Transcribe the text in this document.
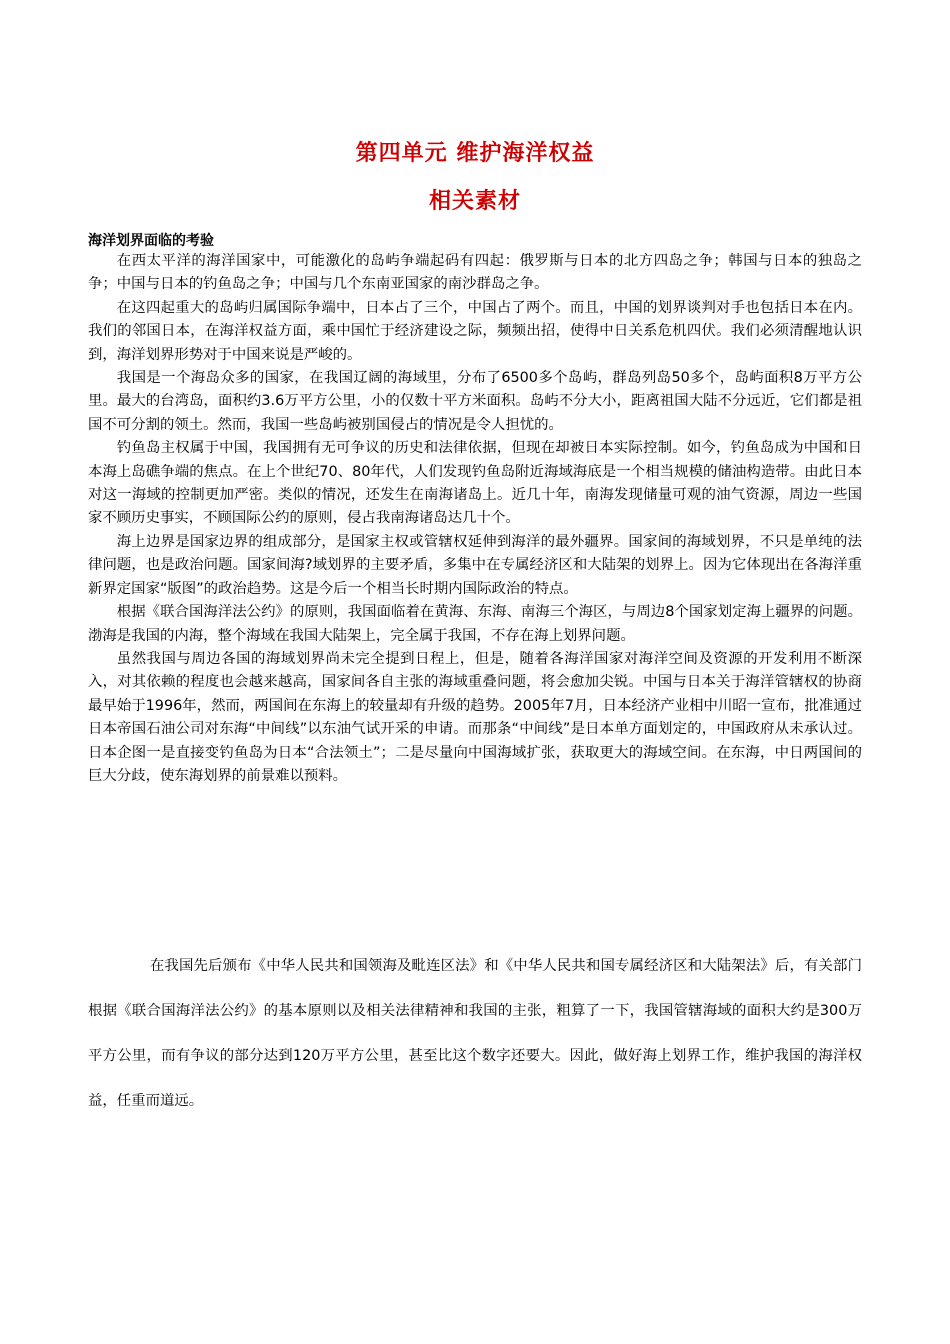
第四单元 维护海洋权益
相关素材
海洋划界面临的考验

在西太平洋的海洋国家中，可能激化的岛屿争端起码有四起：俄罗斯与日本的北方四岛之争；韩国与日本的独岛之争；中国与日本的钓鱼岛之争；中国与几个东南亚国家的南沙群岛之争。

在这四起重大的岛屿归属国际争端中，日本占了三个，中国占了两个。而且，中国的划界谈判对手也包括日本在内。我们的邻国日本，在海洋权益方面，乘中国忙于经济建设之际，频频出招，使得中日关系危机四伏。我们必须清醒地认识到，海洋划界形势对于中国来说是严峻的。

我国是一个海岛众多的国家，在我国辽阔的海域里，分布了6500多个岛屿，群岛列岛50多个，岛屿面积8万平方公里。最大的台湾岛，面积约3.6万平方公里，小的仅数十平方米面积。岛屿不分大小，距离祖国大陆不分远近，它们都是祖国不可分割的领土。然而，我国一些岛屿被别国侵占的情况是令人担忧的。

钓鱼岛主权属于中国，我国拥有无可争议的历史和法律依据，但现在却被日本实际控制。如今，钓鱼岛成为中国和日本海上岛礁争端的焦点。在上个世纪70、80年代，人们发现钓鱼岛附近海域海底是一个相当规模的储油构造带。由此日本对这一海域的控制更加严密。类似的情况，还发生在南海诸岛上。近几十年，南海发现储量可观的油气资源，周边一些国家不顾历史事实，不顾国际公约的原则，侵占我南海诸岛达几十个。

海上边界是国家边界的组成部分，是国家主权或管辖权延伸到海洋的最外疆界。国家间的海域划界，不只是单纯的法律问题，也是政治问题。国家间海?域划界的主要矛盾，多集中在专属经济区和大陆架的划界上。因为它体现出在各海洋重新界定国家“版图”的政治趋势。这是今后一个相当长时期内国际政治的特点。

根据《联合国海洋法公约》的原则，我国面临着在黄海、东海、南海三个海区，与周边8个国家划定海上疆界的问题。渤海是我国的内海，整个海域在我国大陆架上，完全属于我国，不存在海上划界问题。

虽然我国与周边各国的海域划界尚未完全提到日程上，但是，随着各海洋国家对海洋空间及资源的开发利用不断深入，对其依赖的程度也会越来越高，国家间各自主张的海域重叠问题，将会愈加尖锐。中国与日本关于海洋管辖权的协商最早始于1996年，然而，两国间在东海上的较量却有升级的趋势。2005年7月，日本经济产业相中川昭一宣布，批准通过日本帝国石油公司对东海“中间线”以东油气试开采的申请。而那条“中间线”是日本单方面划定的，中国政府从未承认过。日本企图一是直接变钓鱼岛为日本“合法领土”；二是尽量向中国海域扩张，获取更大的海域空间。在东海，中日两国间的巨大分歧，使东海划界的前景难以预料。

在我国先后颁布《中华人民共和国领海及毗连区法》和《中华人民共和国专属经济区和大陆架法》后，有关部门根据《联合国海洋法公约》的基本原则以及相关法律精神和我国的主张，粗算了一下，我国管辖海域的面积大约是300万平方公里，而有争议的部分达到120万平方公里，甚至比这个数字还要大。因此，做好海上划界工作，维护我国的海洋权益，任重而道远。
